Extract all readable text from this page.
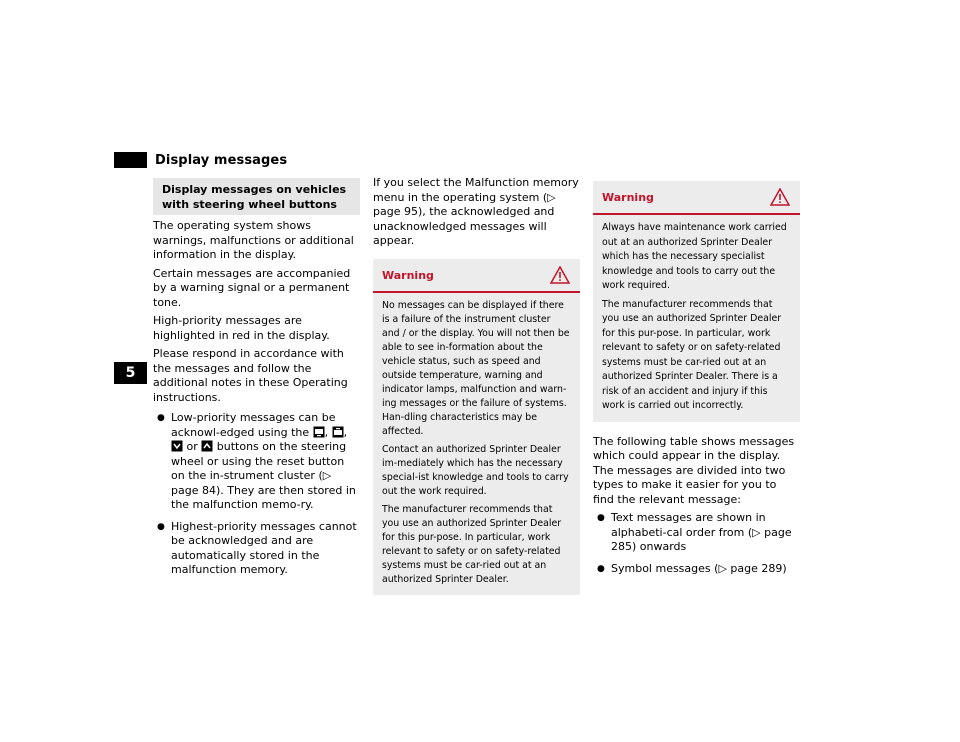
Display messages
5
Display messages on vehicles with steering wheel buttons

The operating system shows warnings, malfunctions or additional information in the display.

Certain messages are accompanied by a warning signal or a permanent tone.

High-priority messages are highlighted in red in the display.

Please respond in accordance with the messages and follow the additional notes in these Operating instructions.

● Low-priority messages can be acknowl-edged using the , ,  or buttons on the steering wheel or using the reset button on the in-strument cluster (▷ page 84). They are then stored in the malfunction memo-ry.
● Highest-priority messages cannot be acknowledged and are automatically stored in the malfunction memory.

If you select the Malfunction memory menu in the operating system (▷ page 95), the acknowledged and unacknowledged messages will appear.

Warning

No messages can be displayed if there is a failure of the instrument cluster and / or the display. You will not then be able to see in-formation about the vehicle status, such as speed and outside temperature, warning and indicator lamps, malfunction and warn-ing messages or the failure of systems. Han-dling characteristics may be affected.

Contact an authorized Sprinter Dealer im-mediately which has the necessary special-ist knowledge and tools to carry out the work required.

The manufacturer recommends that you use an authorized Sprinter Dealer for this pur-pose. In particular, work relevant to safety or on safety-related systems must be car-ried out at an authorized Sprinter Dealer.

Warning

Always have maintenance work carried out at an authorized Sprinter Dealer which has the necessary specialist knowledge and tools to carry out the work required.

The manufacturer recommends that you use an authorized Sprinter Dealer for this pur-pose. In particular, work relevant to safety or on safety-related systems must be car-ried out at an authorized Sprinter Dealer. There is a risk of an accident and injury if this work is carried out incorrectly.

The following table shows messages which could appear in the display. The messages are divided into two types to make it easier for you to find the relevant message:

● Text messages are shown in alphabeti-cal order from (▷ page 285) onwards
● Symbol messages (▷ page 289)
